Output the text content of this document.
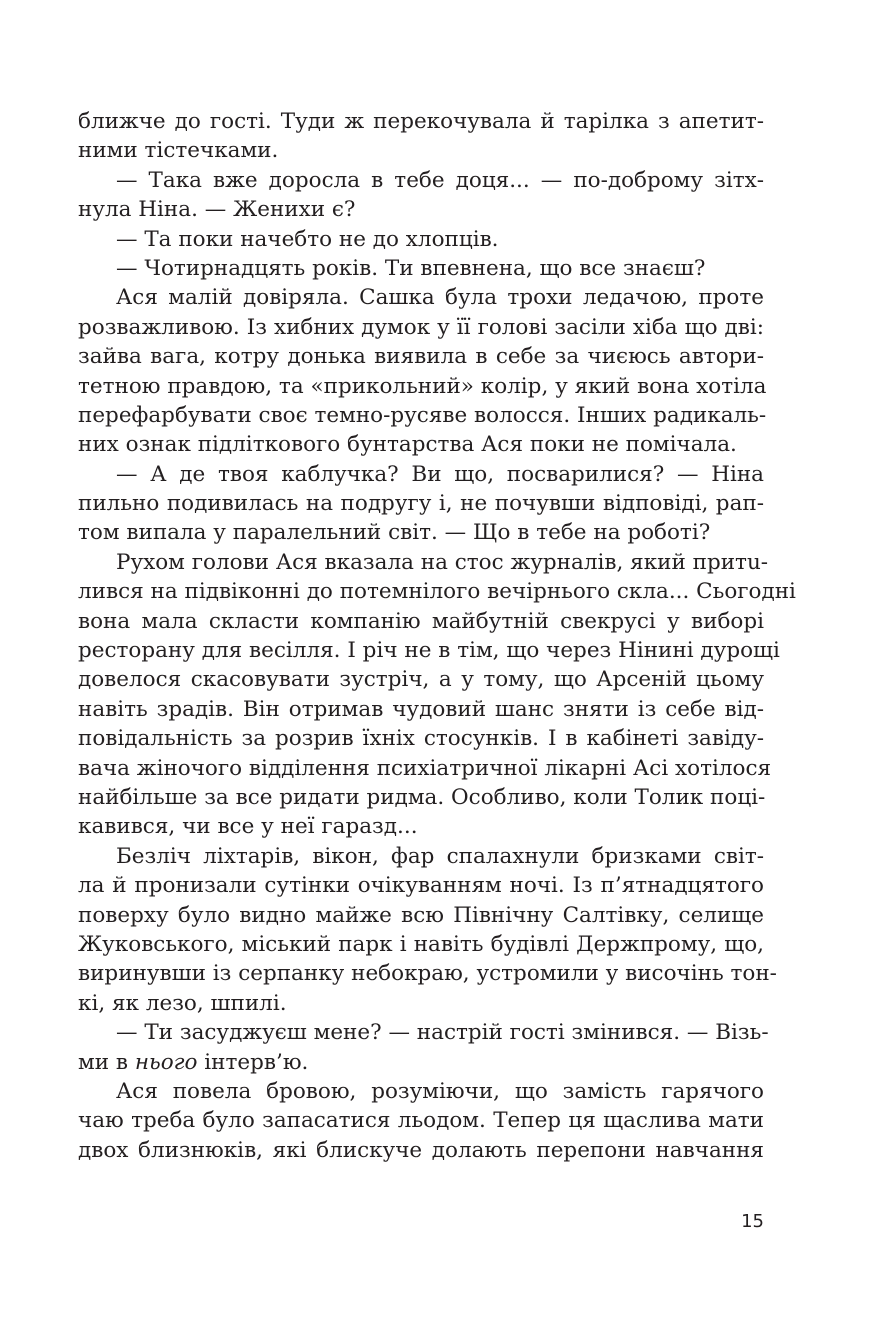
ближче до гості. Туди ж перекочувала й тарілка з апетит-
ними тістечками.
— Така вже доросла в тебе доця... — по-доброму зітх-
нула Ніна. — Женихи є?
— Та поки начебто не до хлопців.
— Чотирнадцять років. Ти впевнена, що все знаєш?
Ася малій довіряла. Сашка була трохи ледачою, проте
розважливою. Із хибних думок у її голові засіли хіба що дві:
зайва вага, котру донька виявила в себе за чиєюсь автори-
тетною правдою, та «прикольний» колір, у який вона хотіла
перефарбувати своє темно-русяве волосся. Інших радикаль-
них ознак підліткового бунтарства Ася поки не помічала.
— А де твоя каблучка? Ви що, посварилися? — Ніна
пильно подивилась на подругу і, не почувши відповіді, рап-
том випала у паралельний світ. — Що в тебе на роботі?
Рухом голови Ася вказала на стос журналів, який притu-
лився на підвіконні до потемнілого вечірнього скла... Сьогодні
вона мала скласти компанію майбутній свекрусі у виборі
ресторану для весілля. І річ не в тім, що через Нінині дурощі
довелося скасовувати зустріч, а у тому, що Арсеній цьому
навіть зрадів. Він отримав чудовий шанс зняти із себе від-
повідальність за розрив їхніх стосунків. І в кабінеті завіду-
вача жіночого відділення психіатричної лікарні Асі хотілося
найбільше за все ридати ридма. Особливо, коли Толик поці-
кавився, чи все у неї гаразд...
Безліч ліхтарів, вікон, фар спалахнули бризками світ-
ла й пронизали сутінки очікуванням ночі. Із п’ятнадцятого
поверху було видно майже всю Північну Салтівку, селище
Жуковського, міський парк і навіть будівлі Держпрому, що,
виринувши із серпанку небокраю, устромили у височінь тон-
кі, як лезо, шпилі.
— Ти засуджуєш мене? — настрій гості змінився. — Візь-
ми в нього інтерв’ю.
Ася повела бровою, розуміючи, що замість гарячого
чаю треба було запасатися льодом. Тепер ця щаслива мати
двох близнюків, які блискуче долають перепони навчання
15
